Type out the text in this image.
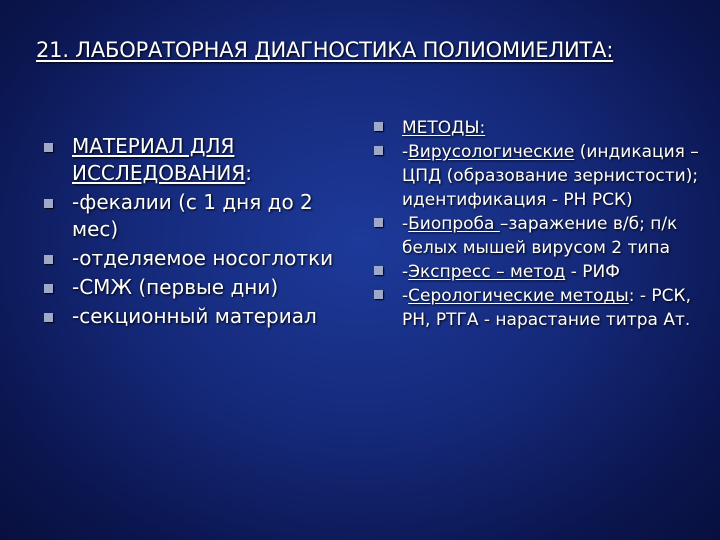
21. ЛАБОРАТОРНАЯ ДИАГНОСТИКА ПОЛИОМИЕЛИТА:
МАТЕРИАЛ ДЛЯ ИССЛЕДОВАНИЯ:
-фекалии (с 1 дня до 2 мес)
-отделяемое носоглотки
-СМЖ (первые дни)
-секционный материал
МЕТОДЫ:
-Вирусологические (индикация – ЦПД (образование зернистости); идентификация - РН РСК)
-Биопроба –заражение в/б; п/к белых мышей вирусом 2 типа
-Экспресс – метод - РИФ
-Серологические методы: - РСК, РН, РТГА - нарастание титра Ат.
